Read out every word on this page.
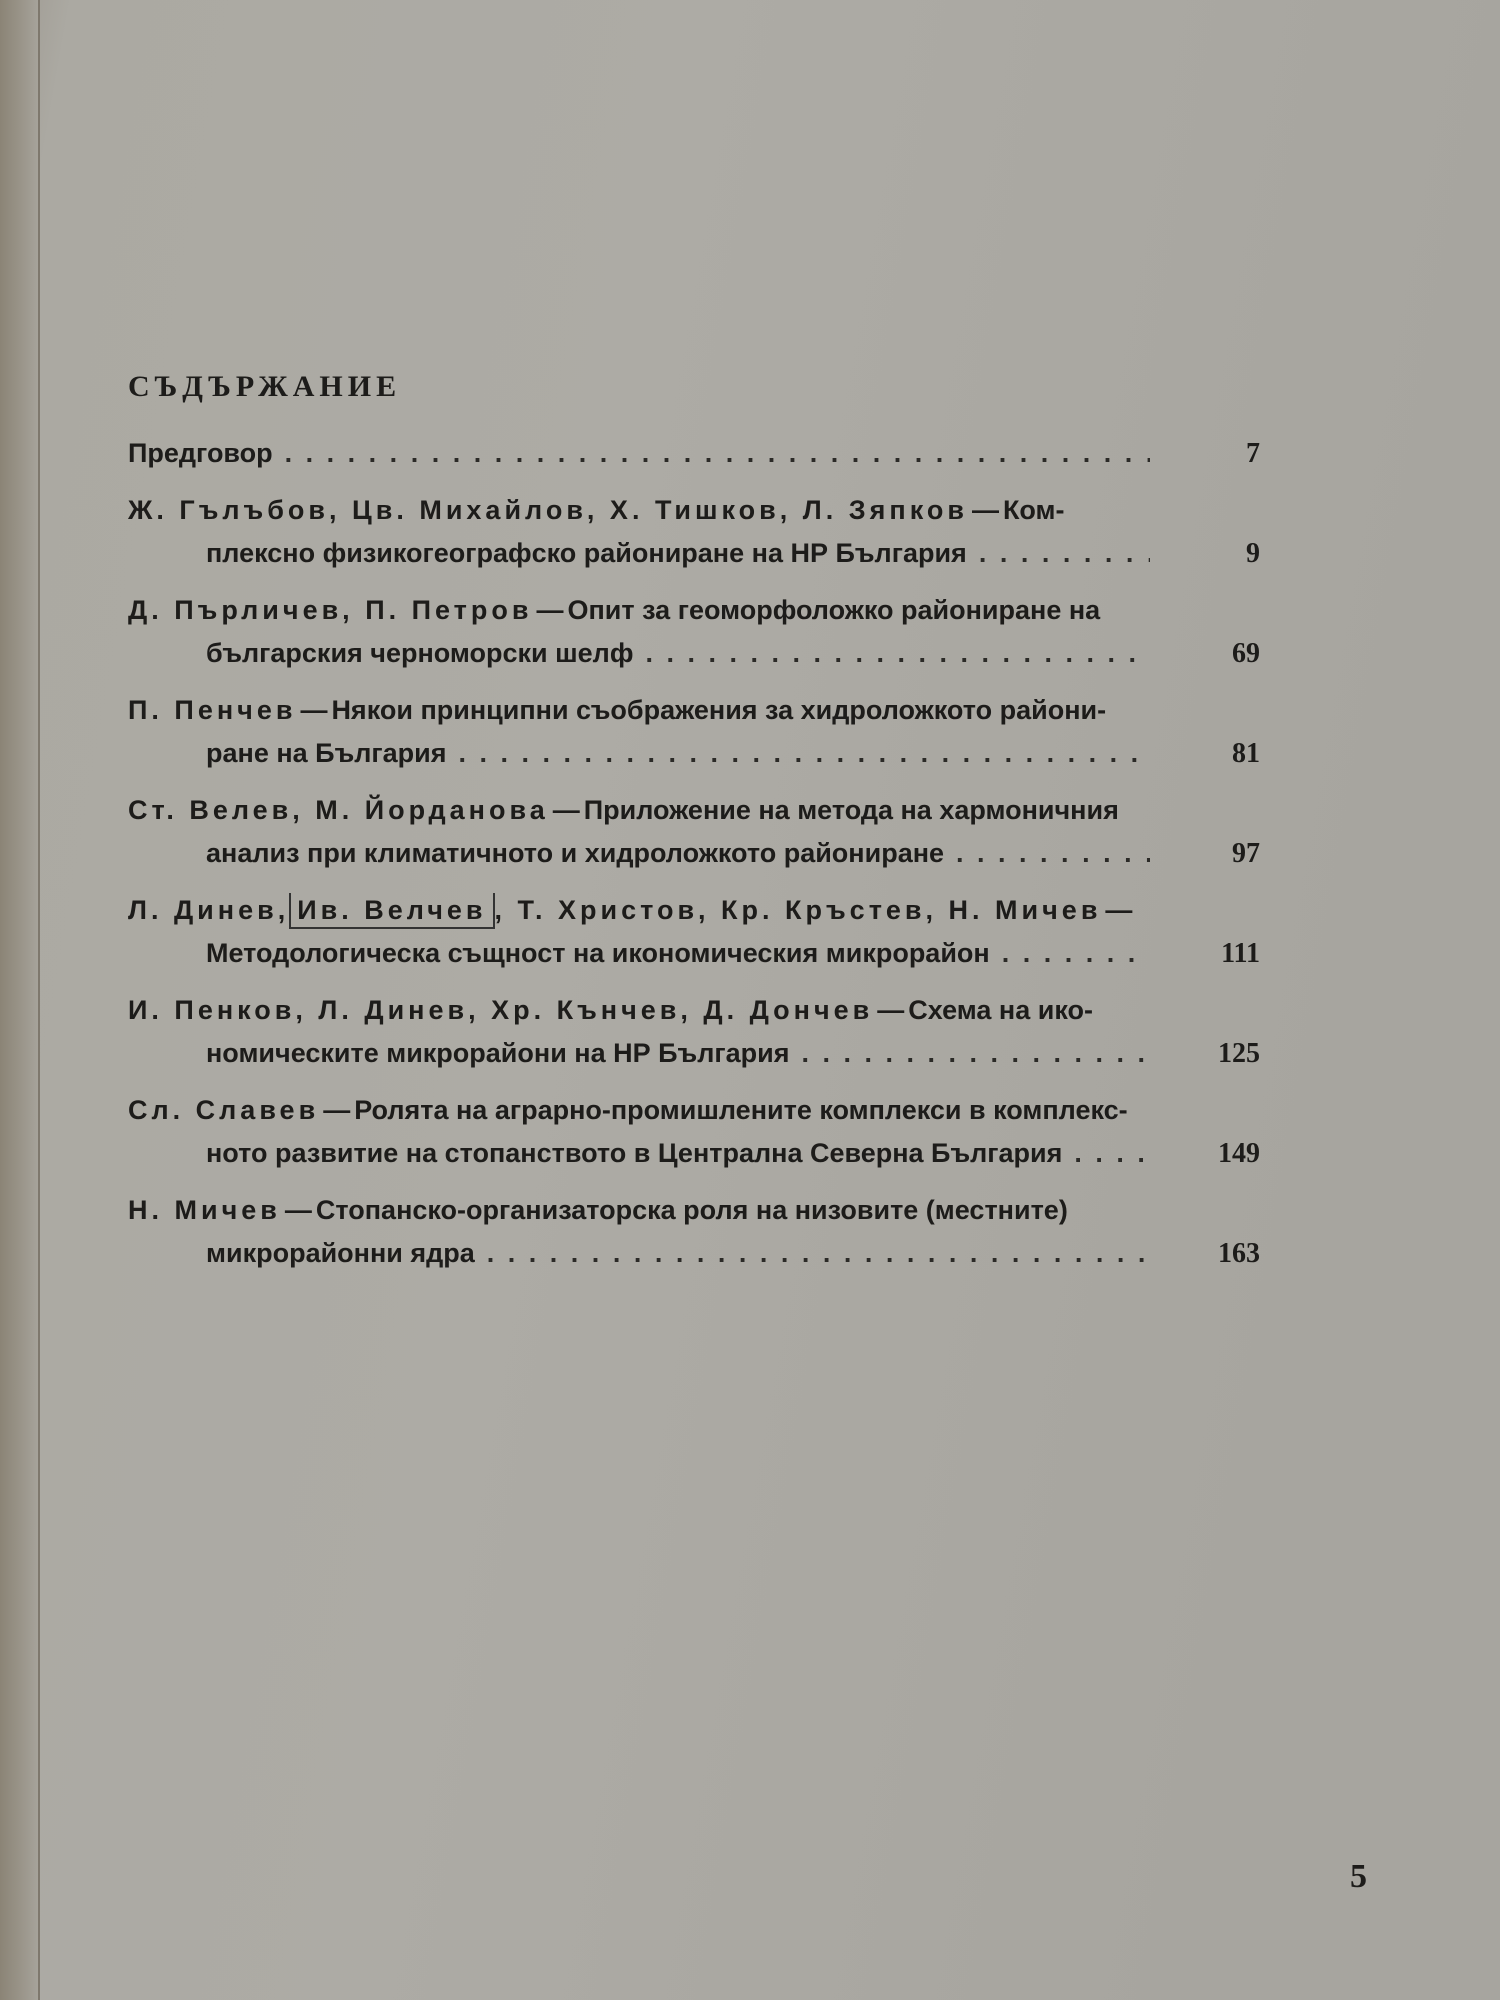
СЪДЪРЖАНИЕ
Предговор . . .	7
Ж. Гълъбов, Цв. Михайлов, Х. Тишков, Л. Зяпков — Ком-
плексно физикогеографско райониране на НР България . . .	9
Д. Пърличев, П. Петров — Опит за геоморфоложко райониране на
българския черноморски шелф . . .	69
П. Пенчев — Някои принципни съображения за хидроложкото райони-
ране на България . . .	81
Ст. Велев, М. Йорданова — Приложение на метода на хармоничния
анализ при климатичното и хидроложкото райониране . . .	97
Л. Динев, Ив. Велчев , Т. Христов, Кр. Кръстев, Н. Мичев —
Методологическа същност на икономическия микрорайон . . .	111
И. Пенков, Л. Динев, Хр. Кънчев, Д. Дончев — Схема на ико-
номическите микрорайони на НР България . . .	125
Сл. Славев — Ролята на аграрно-промишлените комплекси в комплекс-
ното развитие на стопанството в Централна Северна България . . .	149
Н. Мичев — Стопанско-организаторска роля на низовите (местните)
микрорайонни ядра . . .	163
5
